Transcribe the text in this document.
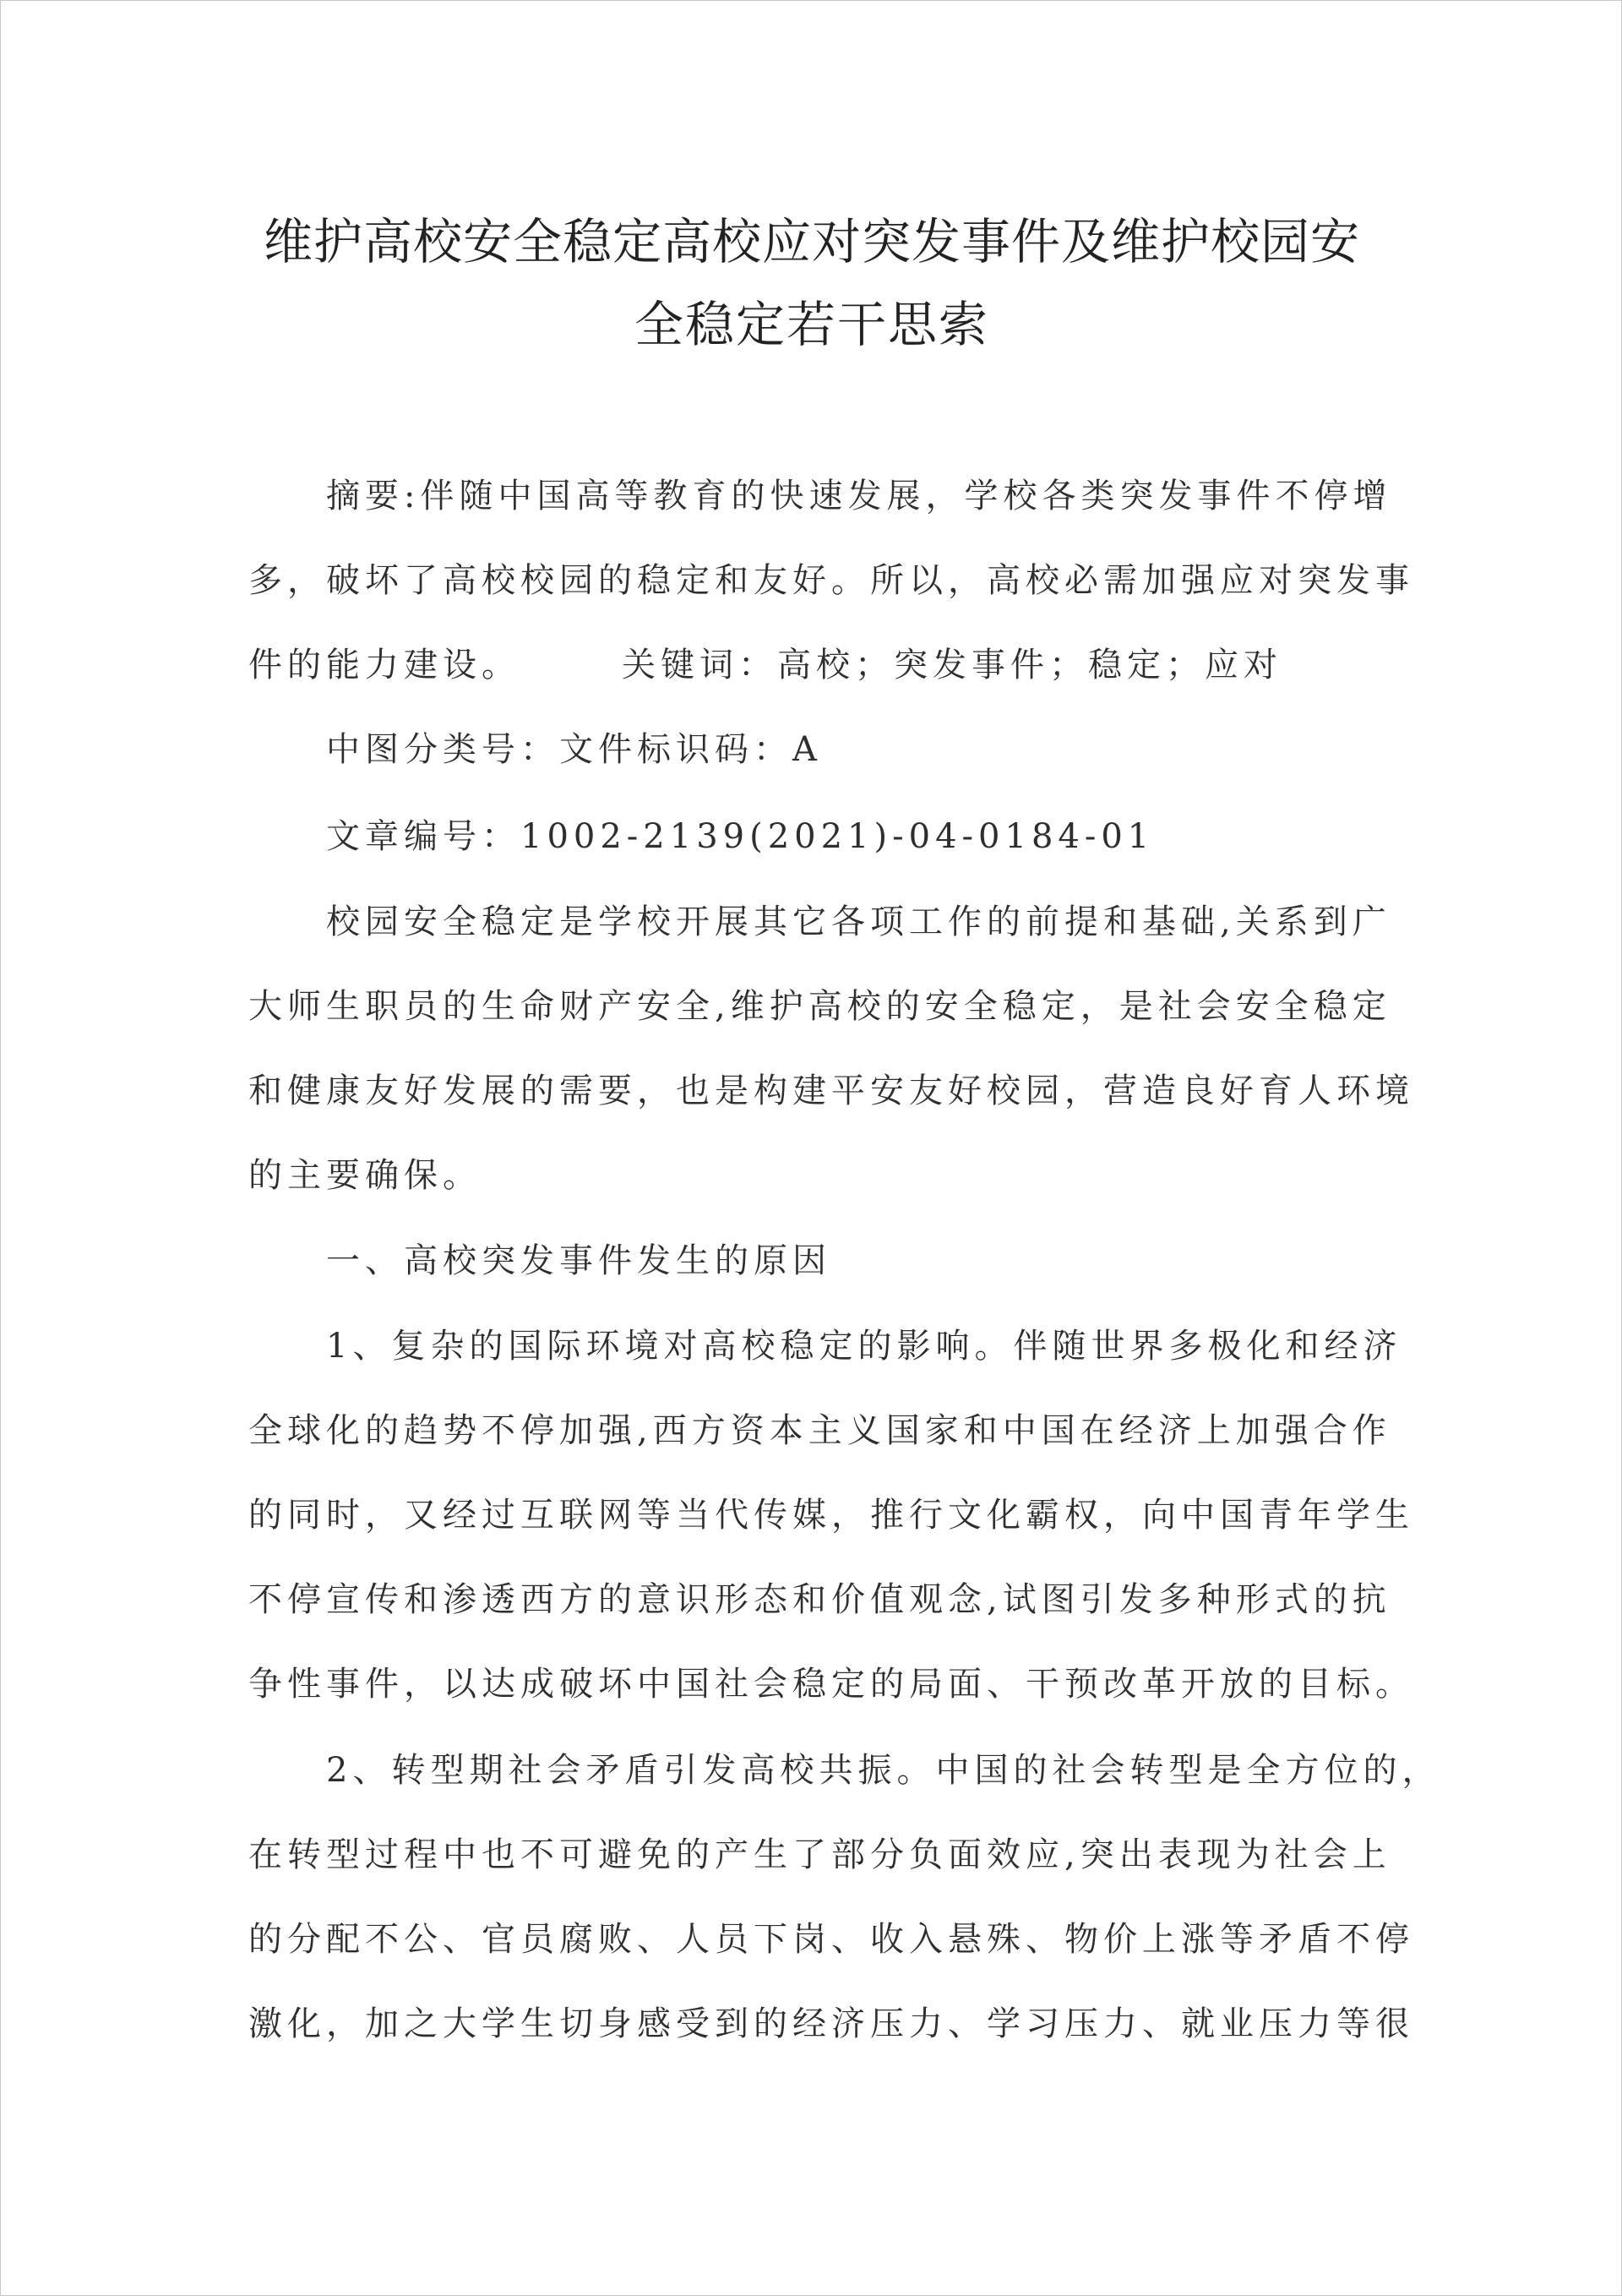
维护高校安全稳定高校应对突发事件及维护校园安
全稳定若干思索
摘要:伴随中国高等教育的快速发展，学校各类突发事件不停增
多，破坏了高校校园的稳定和友好。所以，高校必需加强应对突发事
件的能力建设。	关键词：高校；突发事件；稳定；应对
中图分类号：文件标识码：A
文章编号：1002-2139(2021)-04-0184-01
校园安全稳定是学校开展其它各项工作的前提和基础,关系到广
大师生职员的生命财产安全,维护高校的安全稳定，是社会安全稳定
和健康友好发展的需要，也是构建平安友好校园，营造良好育人环境
的主要确保。
一、高校突发事件发生的原因
1、复杂的国际环境对高校稳定的影响。伴随世界多极化和经济
全球化的趋势不停加强,西方资本主义国家和中国在经济上加强合作
的同时，又经过互联网等当代传媒，推行文化霸权，向中国青年学生
不停宣传和渗透西方的意识形态和价值观念,试图引发多种形式的抗
争性事件，以达成破坏中国社会稳定的局面、干预改革开放的目标。
2、转型期社会矛盾引发高校共振。中国的社会转型是全方位的，
在转型过程中也不可避免的产生了部分负面效应,突出表现为社会上
的分配不公、官员腐败、人员下岗、收入悬殊、物价上涨等矛盾不停
激化，加之大学生切身感受到的经济压力、学习压力、就业压力等很
